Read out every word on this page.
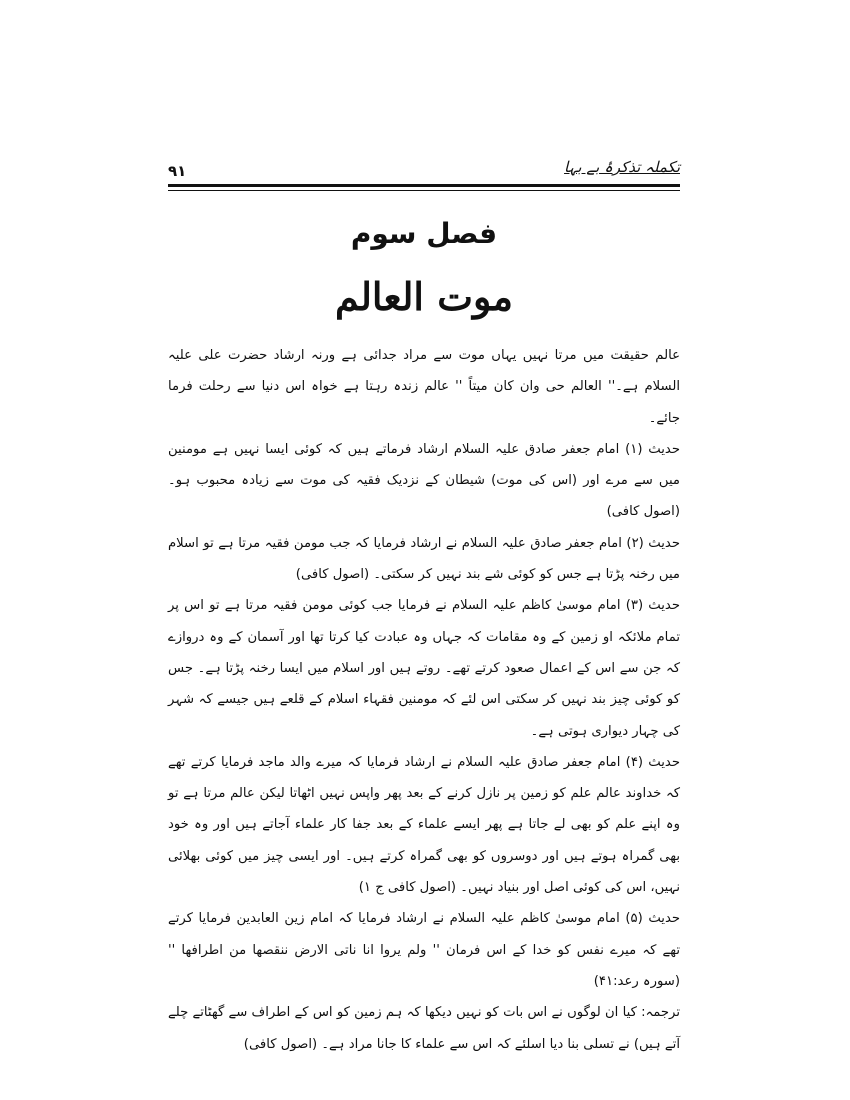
۹۱	تکملہ تذکرۂ بے بہا
فصل سوم
موت العالم

عالم حقیقت میں مرتا نہیں یہاں موت سے مراد جدائی ہے ورنہ ارشاد حضرت علی علیہ السلام ہے۔'' العالم حی وان کان میتاً '' عالم زندہ رہتا ہے خواہ اس دنیا سے رحلت فرما جائے۔

حدیث (۱) امام جعفر صادق علیہ السلام ارشاد فرماتے ہیں کہ کوئی ایسا نہیں ہے مومنین میں سے مرے اور (اس کی موت) شیطان کے نزدیک فقیہ کی موت سے زیادہ محبوب ہو۔ (اصول کافی)

حدیث (۲) امام جعفر صادق علیہ السلام نے ارشاد فرمایا کہ جب مومن فقیہ مرتا ہے تو اسلام میں رخنہ پڑتا ہے جس کو کوئی شے بند نہیں کر سکتی۔ (اصول کافی)

حدیث (۳) امام موسیٰ کاظم علیہ السلام نے فرمایا جب کوئی مومن فقیہ مرتا ہے تو اس پر تمام ملائکہ او زمین کے وہ مقامات کہ جہاں وہ عبادت کیا کرتا تھا اور آسمان کے وہ دروازے کہ جن سے اس کے اعمال صعود کرتے تھے۔ روتے ہیں اور اسلام میں ایسا رخنہ پڑتا ہے۔ جس کو کوئی چیز بند نہیں کر سکتی اس لئے کہ مومنین فقہاء اسلام کے قلعے ہیں جیسے کہ شہر کی چہار دیواری ہوتی ہے۔

حدیث (۴) امام جعفر صادق علیہ السلام نے ارشاد فرمایا کہ میرے والد ماجد فرمایا کرتے تھے کہ خداوند عالم علم کو زمین پر نازل کرنے کے بعد پھر واپس نہیں اٹھاتا لیکن عالم مرتا ہے تو وہ اپنے علم کو بھی لے جاتا ہے پھر ایسے علماء کے بعد جفا کار علماء آجاتے ہیں اور وہ خود بھی گمراہ ہوتے ہیں اور دوسروں کو بھی گمراہ کرتے ہیں۔ اور ایسی چیز میں کوئی بھلائی نہیں، اس کی کوئی اصل اور بنیاد نہیں۔ (اصول کافی ج ۱)

حدیث (۵) امام موسیٰ کاظم علیہ السلام نے ارشاد فرمایا کہ امام زین العابدین فرمایا کرتے تھے کہ میرے نفس کو خدا کے اس فرمان '' ولم یروا انا ناتی الارض ننقصها من اطرافها '' (سورہ رعد:۴۱)

ترجمہ: کیا ان لوگوں نے اس بات کو نہیں دیکھا کہ ہم زمین کو اس کے اطراف سے گھٹاتے چلے آتے ہیں) نے تسلی بنا دیا اسلئے کہ اس سے علماء کا جانا مراد ہے۔ (اصول کافی)
